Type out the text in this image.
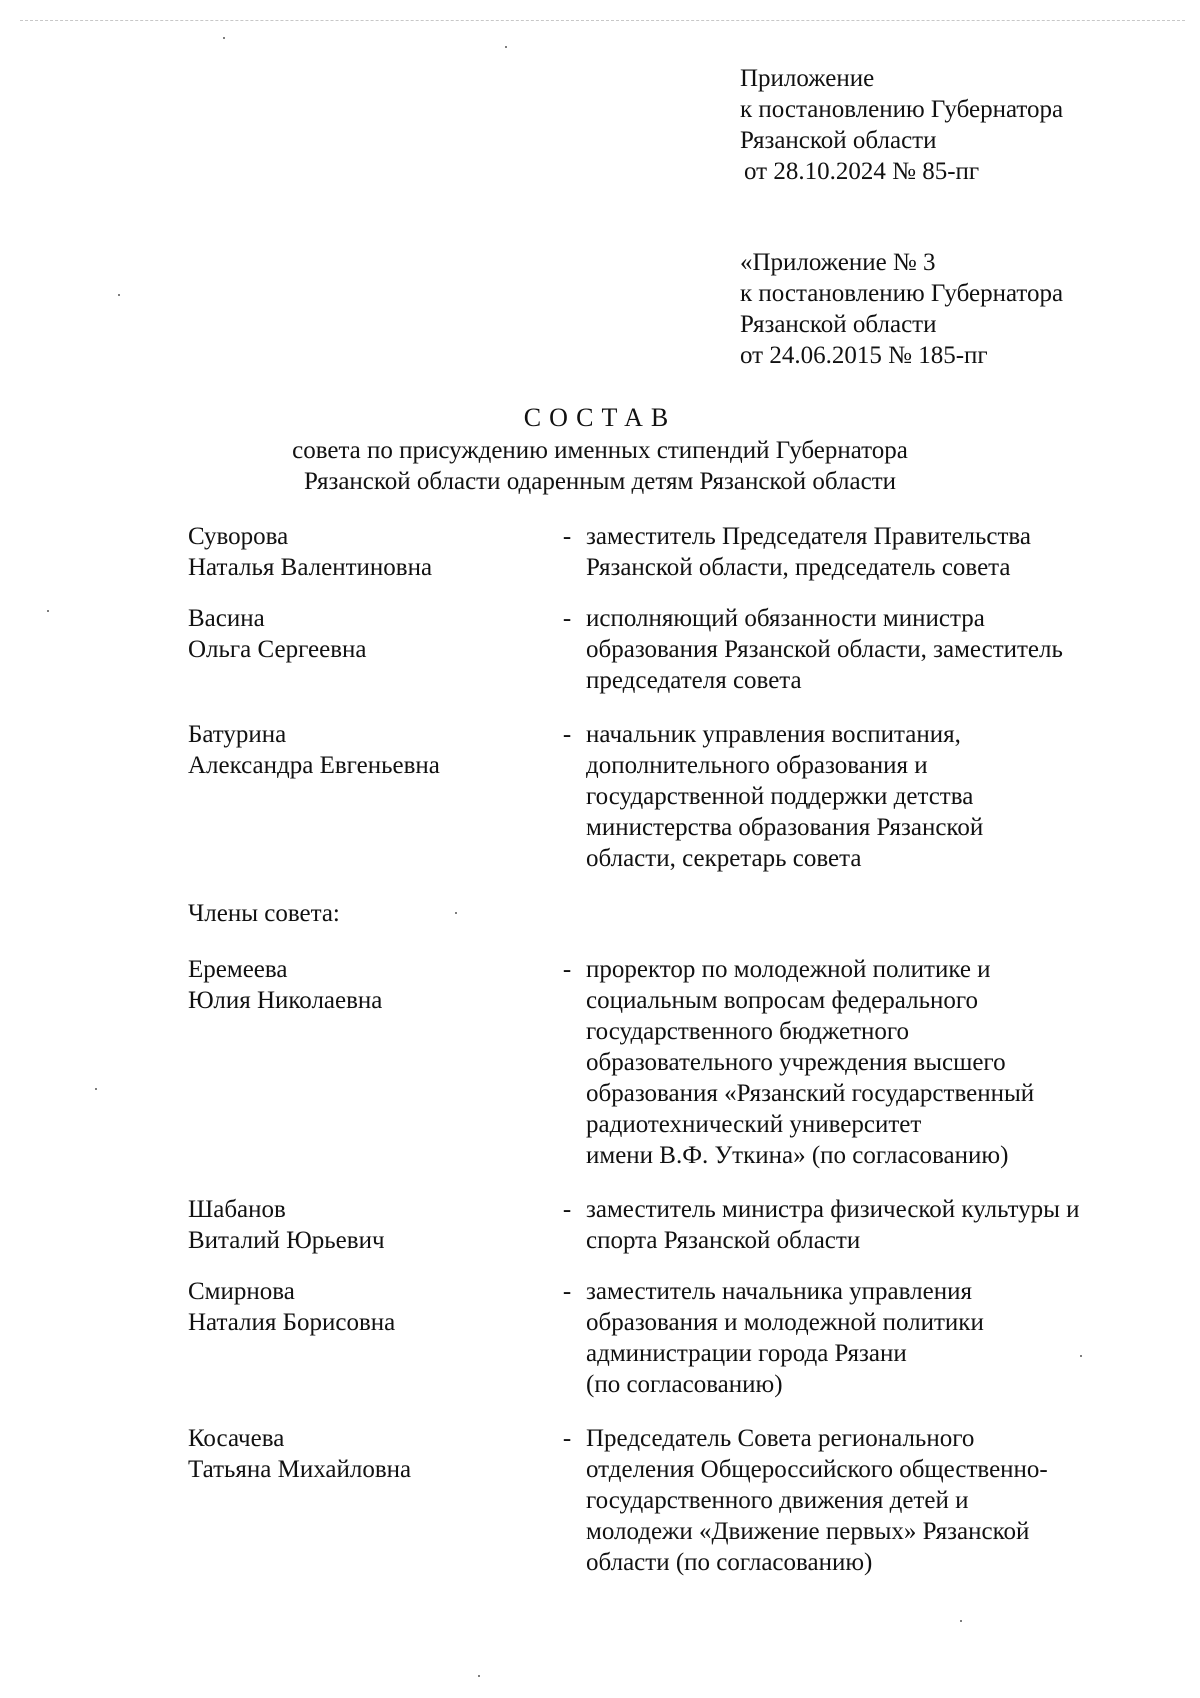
Приложение
к постановлению Губернатора
Рязанской области
от 28.10.2024 № 85-пг
«Приложение № 3
к постановлению Губернатора
Рязанской области
от 24.06.2015 № 185-пг
СОСТАВ
совета по присуждению именных стипендий Губернатора
Рязанской области одаренным детям Рязанской области
Суворова
Наталья Валентиновна
- заместитель Председателя Правительства
Рязанской области, председатель совета
Васина
Ольга Сергеевна
- исполняющий обязанности министра
образования Рязанской области, заместитель
председателя совета
Батурина
Александра Евгеньевна
- начальник управления воспитания,
дополнительного образования и
государственной поддержки детства
министерства образования Рязанской
области, секретарь совета
Члены совета:
Еремеева
Юлия Николаевна
- проректор по молодежной политике и
социальным вопросам федерального
государственного бюджетного
образовательного учреждения высшего
образования «Рязанский государственный
радиотехнический университет
имени В.Ф. Уткина» (по согласованию)
Шабанов
Виталий Юрьевич
- заместитель министра физической культуры и
спорта Рязанской области
Смирнова
Наталия Борисовна
- заместитель начальника управления
образования и молодежной политики
администрации города Рязани
(по согласованию)
Косачева
Татьяна Михайловна
- Председатель Совета регионального
отделения Общероссийского общественно-
государственного движения детей и
молодежи «Движение первых» Рязанской
области (по согласованию)
